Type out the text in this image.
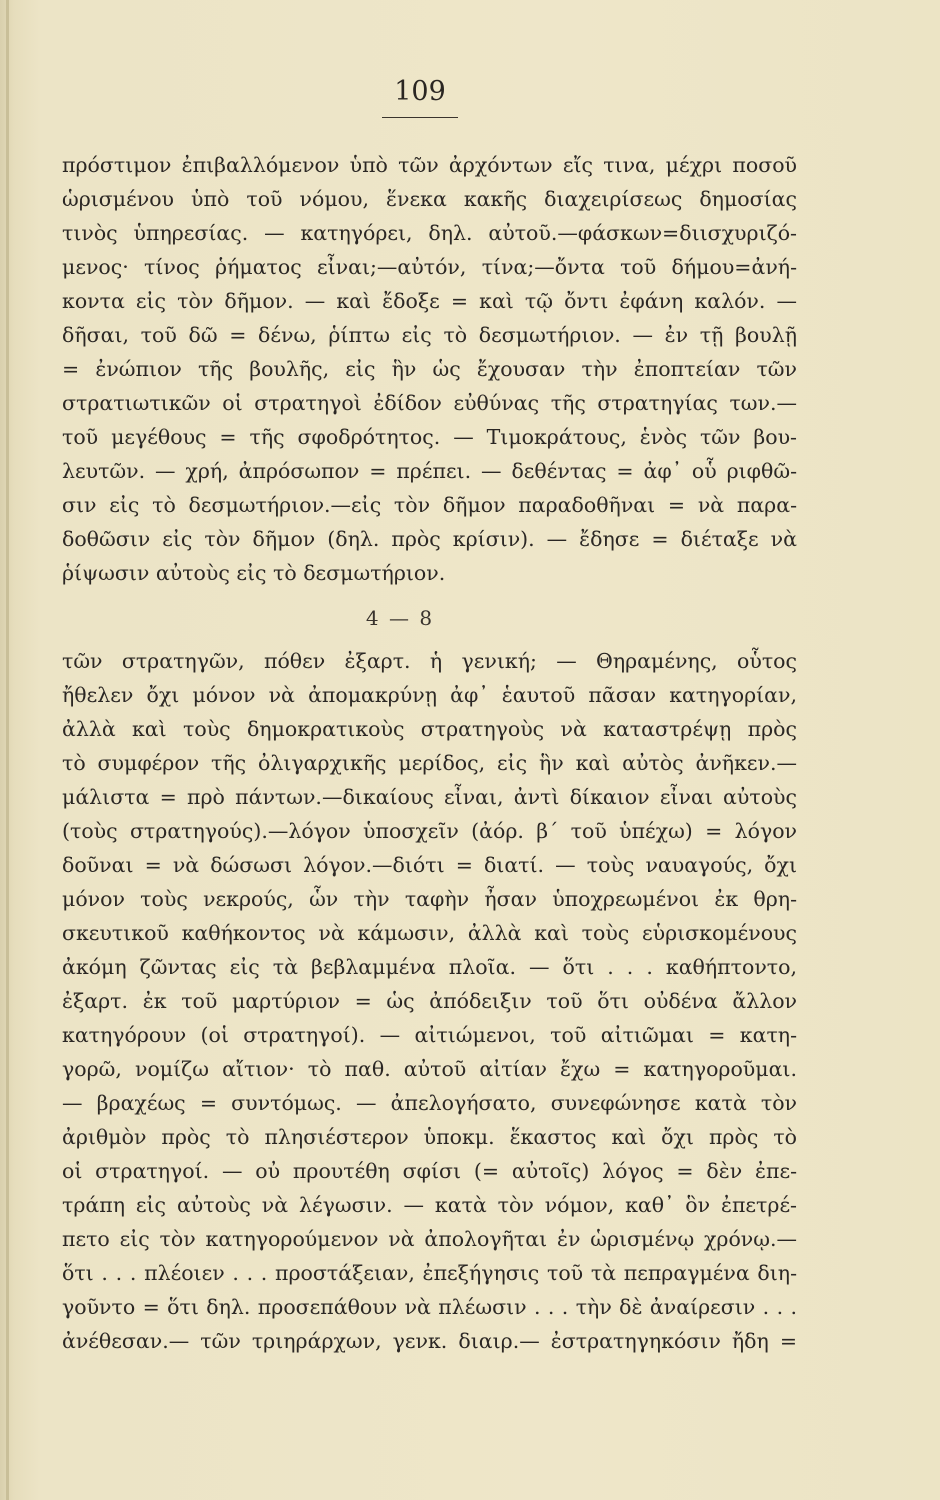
109
πρόστιμον ἐπιβαλλόμενον ὑπὸ τῶν ἀρχόντων εἴς τινα, μέχρι ποσοῦ
ὡρισμένου ὑπὸ τοῦ νόμου, ἕνεκα κακῆς διαχειρίσεως δημοσίας
τινὸς ὑπηρεσίας. — κατηγόρει, δηλ. αὐτοῦ.—φάσκων=διισχυριζό-
μενος· τίνος ῥήματος εἶναι;—αὐτόν, τίνα;—ὄντα τοῦ δήμου=ἀνή-
κοντα εἰς τὸν δῆμον. — καὶ ἔδοξε = καὶ τῷ ὄντι ἐφάνη καλόν. —
δῆσαι, τοῦ δῶ = δένω, ῥίπτω εἰς τὸ δεσμωτήριον. — ἐν τῇ βουλῇ
= ἐνώπιον τῆς βουλῆς, εἰς ἣν ὡς ἔχουσαν τὴν ἐποπτείαν τῶν
στρατιωτικῶν οἱ στρατηγοὶ ἐδίδον εὐθύνας τῆς στρατηγίας των.—
τοῦ μεγέθους = τῆς σφοδρότητος. — Τιμοκράτους, ἑνὸς τῶν βου-
λευτῶν. — χρή, ἀπρόσωπον = πρέπει. — δεθέντας = ἀφ᾿ οὗ ριφθῶ-
σιν εἰς τὸ δεσμωτήριον.—εἰς τὸν δῆμον παραδοθῆναι = νὰ παρα-
δοθῶσιν εἰς τὸν δῆμον (δηλ. πρὸς κρίσιν). — ἔδησε = διέταξε νὰ
ῥίψωσιν αὐτοὺς εἰς τὸ δεσμωτήριον.
4 — 8
τῶν στρατηγῶν, πόθεν ἐξαρτ. ἡ γενική; — Θηραμένης, οὗτος
ἤθελεν ὄχι μόνον νὰ ἀπομακρύνῃ ἀφ᾿ ἑαυτοῦ πᾶσαν κατηγορίαν,
ἀλλὰ καὶ τοὺς δημοκρατικοὺς στρατηγοὺς νὰ καταστρέψῃ πρὸς
τὸ συμφέρον τῆς ὀλιγαρχικῆς μερίδος, εἰς ἣν καὶ αὐτὸς ἀνῆκεν.—
μάλιστα = πρὸ πάντων.—δικαίους εἶναι, ἀντὶ δίκαιον εἶναι αὐτοὺς
(τοὺς στρατηγούς).—λόγον ὑποσχεῖν (ἀόρ. β΄ τοῦ ὑπέχω) = λόγον
δοῦναι = νὰ δώσωσι λόγον.—διότι = διατί. — τοὺς ναυαγούς, ὄχι
μόνον τοὺς νεκρούς, ὧν τὴν ταφὴν ἦσαν ὑποχρεωμένοι ἐκ θρη-
σκευτικοῦ καθήκοντος νὰ κάμωσιν, ἀλλὰ καὶ τοὺς εὑρισκομένους
ἀκόμη ζῶντας εἰς τὰ βεβλαμμένα πλοῖα. — ὅτι . . . καθήπτοντο,
ἐξαρτ. ἐκ τοῦ μαρτύριον = ὡς ἀπόδειξιν τοῦ ὅτι οὐδένα ἄλλον
κατηγόρουν (οἱ στρατηγοί). — αἰτιώμενοι, τοῦ αἰτιῶμαι = κατη-
γορῶ, νομίζω αἴτιον· τὸ παθ. αὐτοῦ αἰτίαν ἔχω = κατηγοροῦμαι.
— βραχέως = συντόμως. — ἀπελογήσατο, συνεφώνησε κατὰ τὸν
ἀριθμὸν πρὸς τὸ πλησιέστερον ὑποκμ. ἕκαστος καὶ ὄχι πρὸς τὸ
οἱ στρατηγοί. — οὐ προυτέθη σφίσι (= αὐτοῖς) λόγος = δὲν ἐπε-
τράπη εἰς αὐτοὺς νὰ λέγωσιν. — κατὰ τὸν νόμον, καθ᾿ ὃν ἐπετρέ-
πετο εἰς τὸν κατηγορούμενον νὰ ἀπολογῆται ἐν ὡρισμένῳ χρόνῳ.—
ὅτι . . . πλέοιεν . . . προστάξειαν, ἐπεξήγησις τοῦ τὰ πεπραγμένα διη-
γοῦντο = ὅτι δηλ. προσεπάθουν νὰ πλέωσιν . . . τὴν δὲ ἀναίρεσιν . . .
ἀνέθεσαν.— τῶν τριηράρχων, γενκ. διαιρ.— ἐστρατηγηκόσιν ἤδη =
